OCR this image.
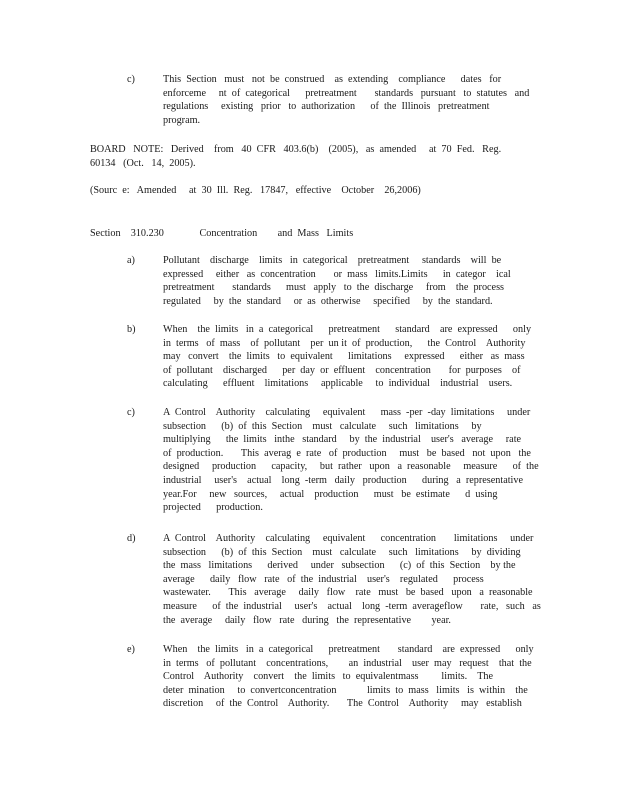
c)	This  Section   must   not  be  construed    as  extending    compliance      dates   for
enforceme     nt  of  categorical      pretreatment       standards   pursuant   to  statutes   and
regulations     existing   prior   to  authorization      of  the  Illinois   pretreatment
program.
BOARD   NOTE:   Derived    from   40  CFR   403.6(b)    (2005),   as  amended     at  70  Fed.   Reg.
60134   (Oct.   14,  2005).
(Sourc  e:   Amended     at  30  Ill.  Reg.   17847,   effective    October    26,2006)
Section    310.230              Concentration        and  Mass   Limits
a)	Pollutant    discharge    limits   in  categorical    pretreatment     standards    will  be
expressed     either   as  concentration       or  mass   limits.Limits      in  categor    ical
pretreatment       standards      must   apply   to  the  discharge     from    the  process
regulated     by  the  standard     or  as  otherwise     specified     by  the  standard.
b)	When    the  limits   in  a  categorical      pretreatment      standard    are  expressed      only
in  terms   of  mass    of  pollutant    per  un it  of  production,      the  Control    Authority
may   convert    the  limits   to  equivalent      limitations     expressed      either   as  mass
of  pollutant    discharged      per  day  or  effluent    concentration       for  purposes    of
calculating      effluent    limitations     applicable     to  individual    industrial    users.
c)	A  Control    Authority    calculating     equivalent      mass  -per  -day  limitations     under
subsection      (b)  of  this  Section    must   calculate     such   limitations     by
multiplying      the  limits   inthe   standard     by  the  industrial    user's   average     rate
of  production.       This  averag  e  rate   of  production     must   be  based   not  upon   the
designed     production      capacity,     but  rather   upon   a  reasonable     measure      of  the
industrial     user's    actual    long  -term   daily   production      during   a  representative
year.For     new   sources,     actual    production      must   be  estimate      d  using
projected      production.
d)	A  Control    Authority    calculating     equivalent      concentration       limitations     under
subsection      (b)  of  this  Section    must   calculate     such   limitations     by  dividing
the  mass   limitations      derived     under   subsection      (c)  of  this  Section    by the
average      daily   flow   rate   of  the  industrial    user's    regulated      process
wastewater.       This   average     daily   flow    rate   must   be  based   upon   a  reasonable
measure      of  the  industrial     user's    actual    long  -term  averageflow       rate,   such   as
the  average     daily   flow   rate   during   the  representative        year.
e)	When    the  limits   in  a  categorical      pretreatment       standard    are  expressed      only
in  terms   of  pollutant    concentrations,        an  industrial    user  may   request    that  the
Control    Authority    convert    the  limits   to  equivalentmass         limits.    The
deter  mination     to  convertconcentration            limits  to  mass   limits   is  within    the
discretion     of  the  Control    Authority.       The  Control    Authority     may   establish
